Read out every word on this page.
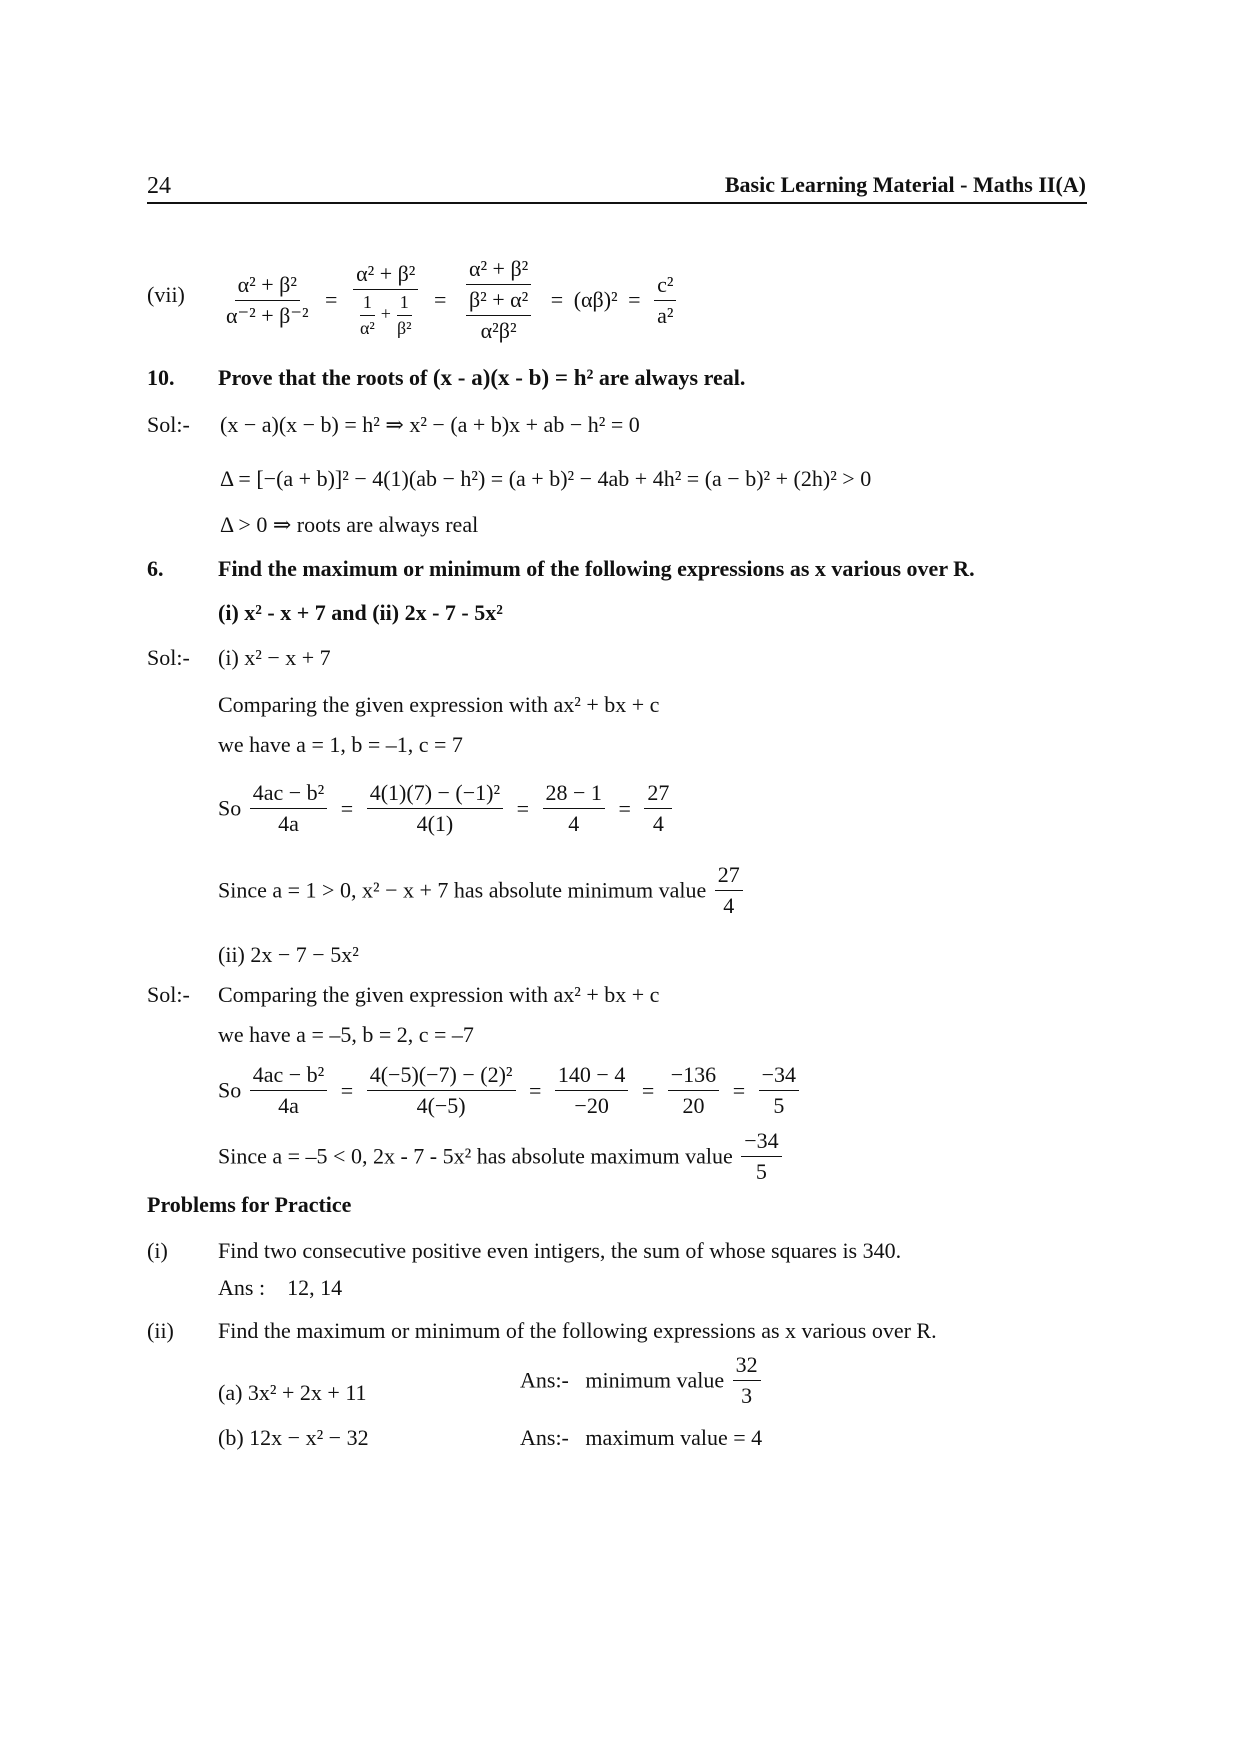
24	Basic Learning Material - Maths II(A)
$(vii) \frac{\text{α² + β²}}{\text{α⁻² + β⁻²}} = \frac{\text{α² + β²}}{\frac{1}{\text{α²}} + \frac{1}{\text{β²}}} = \frac{\text{α² + β²}}{\frac{\text{β² + α²}}{\text{α²β²}}} = (\alpha\beta)^2 = \frac{\text{c²}}{\text{a²}}$
10. Prove that the roots of (x - a)(x - b) = h² are always real.
Sol:- (x − a)(x − b) = h² ⇒ x² − (a + b)x + ab − h² = 0
Δ = [−(a + b)]² − 4(1)(ab − h²) = (a + b)² − 4ab + 4h² = (a − b)² + (2h)² > 0
Δ > 0 ⇒ roots are always real
6. Find the maximum or minimum of the following expressions as x various over R.
(i) x² - x + 7 and (ii) 2x - 7 - 5x²
Sol:- (i) x² − x + 7
Comparing the given expression with ax² + bx + c
we have a = 1, b = –1, c = 7
So $\frac{\text{4ac − b²}}{4a} = \frac{\text{4(1)(7) − (−1)²}}{4(1)} = \frac{28 - 1}{4} = \frac{27}{4}$
Since a = 1 > 0, x² − x + 7 has absolute minimum value $\frac{27}{4}$
(ii) 2x − 7 − 5x²
Sol:- Comparing the given expression with ax² + bx + c
we have a = –5, b = 2, c = –7
So $\frac{\text{4ac − b²}}{4a} = \frac{\text{4(−5)(−7) − (2)²}}{4(-5)} = \frac{140 - 4}{-20} = \frac{-136}{20} = \frac{-34}{5}$
Since a = –5 < 0, 2x - 7 - 5x² has absolute maximum value $\frac{-34}{5}$
Problems for Practice
(i) Find two consecutive positive even intigers, the sum of whose squares is 340.
Ans : 12, 14
(ii) Find the maximum or minimum of the following expressions as x various over R.
(a) 3x² + 2x + 11	Ans:- minimum value $\frac{32}{3}$
(b) 12x − x² − 32	Ans:- maximum value = 4
